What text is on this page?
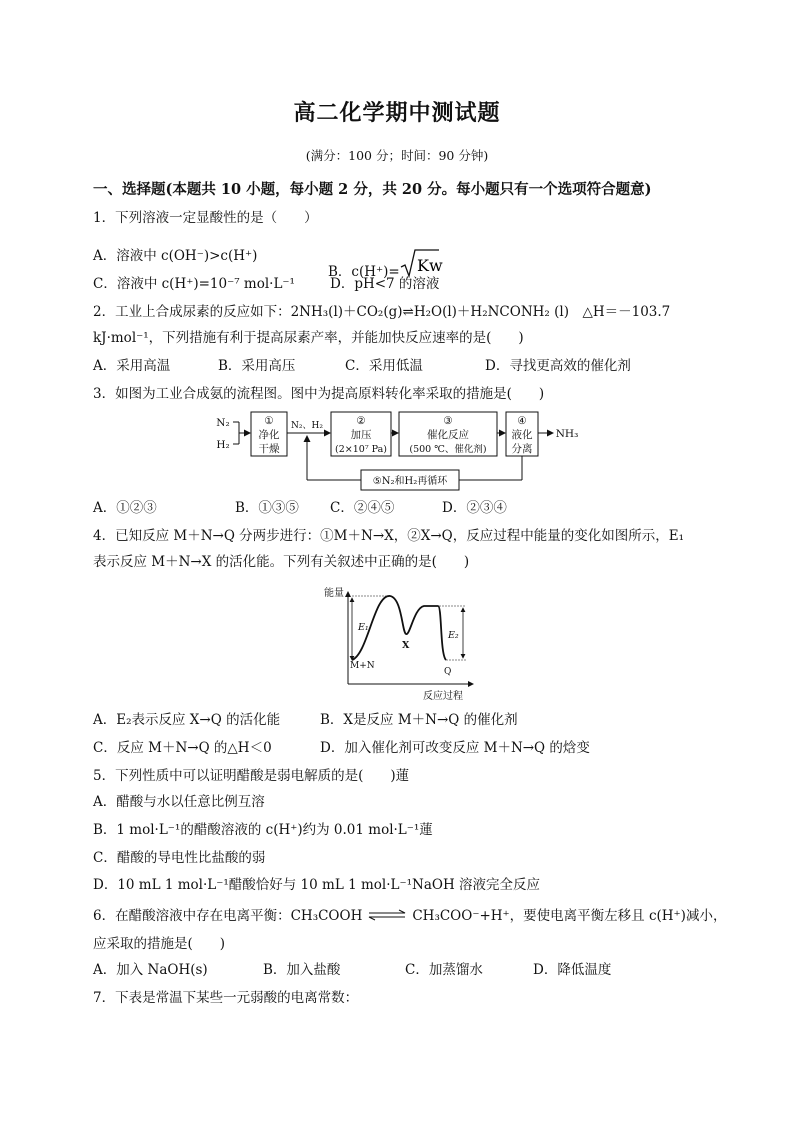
高二化学期中测试题
(满分：100 分；时间：90 分钟)
一、选择题(本题共 10 小题，每小题 2 分，共 20 分。每小题只有一个选项符合题意)
1．下列溶液一定显酸性的是（　　）
A．溶液中 c(OH⁻)>c(H⁺)
B．c(H⁺)= Kw
C．溶液中 c(H⁺)=10⁻⁷ mol·L⁻¹	D．pH<7 的溶液
2．工业上合成尿素的反应如下：2NH₃(l)＋CO₂(g)⇌H₂O(l)＋H₂NCONH₂ (l)　△H＝－103.7
kJ·mol⁻¹，下列措施有利于提高尿素产率，并能加快反应速率的是(　　)
A．采用高温	B．采用高压	C．采用低温	D．寻找更高效的催化剂
3．如图为工业合成氨的流程图。图中为提高原料转化率采取的措施是(　　)
N₂
H₂
①
净化
干燥
N₂、H₂	②
加压
(2×10⁷ Pa)
③
催化反应
(500 ℃、催化剂)
④
液化
分离
NH₃
⑤N₂和H₂再循环
A．①②③	B．①③⑤ C．②④⑤	D．②③④
4．已知反应 M＋N→Q 分两步进行：①M＋N→X，②X→Q，反应过程中能量的变化如图所示，E₁
表示反应 M＋N→X 的活化能。下列有关叙述中正确的是(　　)
能量
反应过程
E₁
E₂
X
M+N
Q
A．E₂表示反应 X→Q 的活化能	B．X是反应 M＋N→Q 的催化剂
C．反应 M＋N→Q 的△H＜0	D．加入催化剂可改变反应 M＋N→Q 的焓变
5．下列性质中可以证明醋酸是弱电解质的是(　　)蓮
A．醋酸与水以任意比例互溶
B．1 mol·L⁻¹的醋酸溶液的 c(H⁺)约为 0.01 mol·L⁻¹蓮
C．醋酸的导电性比盐酸的弱
D．10 mL 1 mol·L⁻¹醋酸恰好与 10 mL 1 mol·L⁻¹NaOH 溶液完全反应
6．在醋酸溶液中存在电离平衡：CH₃COOH ⇌ CH₃COO⁻+H⁺，要使电离平衡左移且 c(H⁺)减小，
应采取的措施是(　　)
A．加入 NaOH(s)	B．加入盐酸	C．加蒸馏水	D．降低温度
7．下表是常温下某些一元弱酸的电离常数：
